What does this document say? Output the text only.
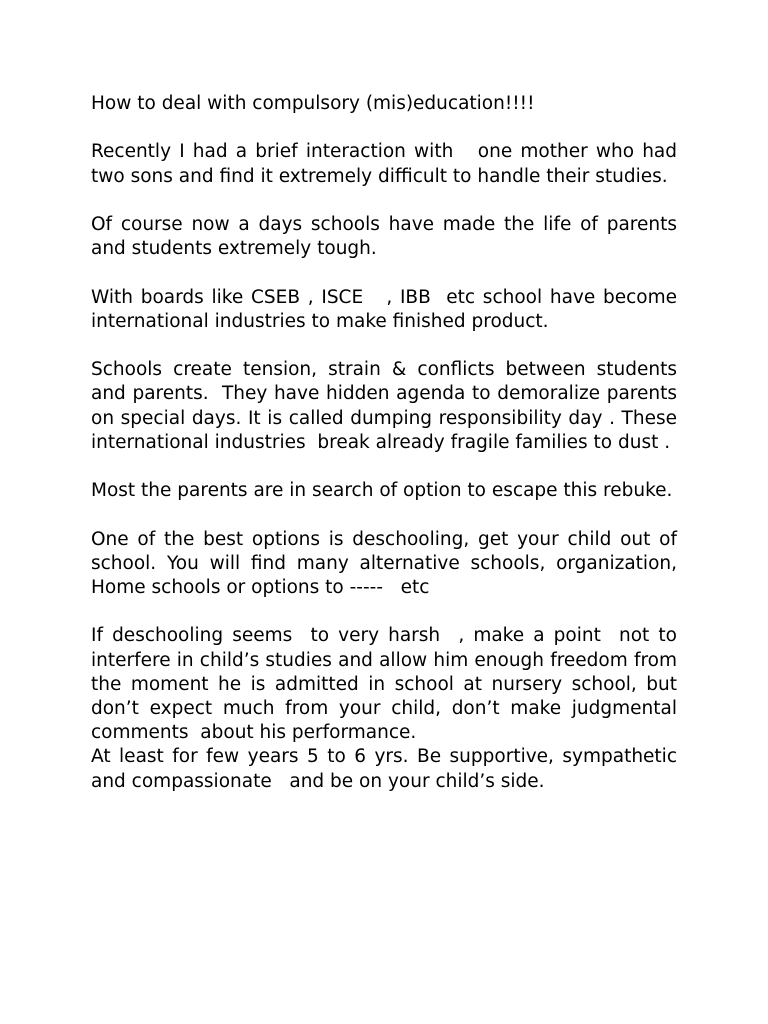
How to deal with compulsory (mis)education!!!!

Recently I had a brief interaction with   one mother who had two sons and find it extremely difficult to handle their studies.

Of course now a days schools have made the life of parents and students extremely tough.

With boards like CSEB , ISCE   , IBB  etc school have become international industries to make finished product.

Schools create tension, strain & conflicts between students and parents.  They have hidden agenda to demoralize parents on special days. It is called dumping responsibility day . These international industries  break already fragile families to dust .

Most the parents are in search of option to escape this rebuke.

One of the best options is deschooling, get your child out of school. You will find many alternative schools, organization, Home schools or options to -----   etc

If deschooling seems  to very harsh  , make a point  not to interfere in child’s studies and allow him enough freedom from the moment he is admitted in school at nursery school, but  don’t expect much from your child, don’t make judgmental comments  about his performance.

At least for few years 5 to 6 yrs. Be supportive, sympathetic and compassionate   and be on your child’s side.
